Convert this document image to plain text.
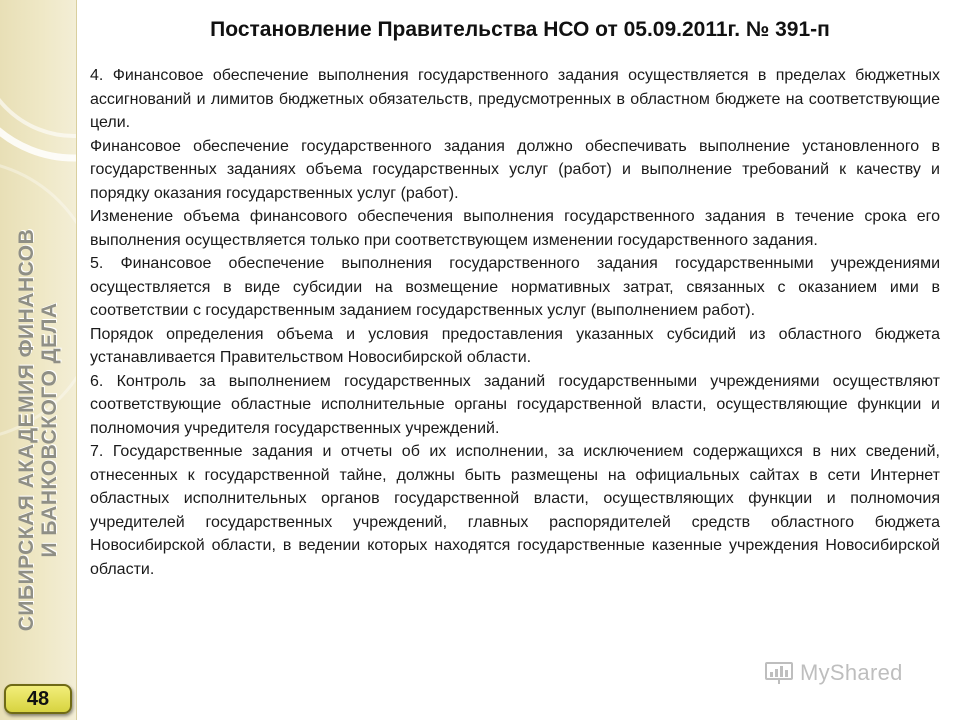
СИБИРСКАЯ АКАДЕМИЯ ФИНАНСОВ И БАНКОВСКОГО ДЕЛА
48
Постановление Правительства НСО от 05.09.2011г. № 391-п

4. Финансовое обеспечение выполнения государственного задания осуществляется в пределах бюджетных ассигнований и лимитов бюджетных обязательств, предусмотренных в областном бюджете на соответствующие цели.

Финансовое обеспечение государственного задания должно обеспечивать выполнение установленного в государственных заданиях объема государственных услуг (работ) и выполнение требований к качеству и порядку оказания государственных услуг (работ).

Изменение объема финансового обеспечения выполнения государственного задания в течение срока его выполнения осуществляется только при соответствующем изменении государственного задания.

5. Финансовое обеспечение выполнения государственного задания государственными учреждениями осуществляется в виде субсидии на возмещение нормативных затрат, связанных с оказанием ими в соответствии с государственным заданием государственных услуг (выполнением работ).

Порядок определения объема и условия предоставления указанных субсидий из областного бюджета устанавливается Правительством Новосибирской области.

6. Контроль за выполнением государственных заданий государственными учреждениями осуществляют соответствующие областные исполнительные органы государственной власти, осуществляющие функции и полномочия учредителя государственных учреждений.

7. Государственные задания и отчеты об их исполнении, за исключением содержащихся в них сведений, отнесенных к государственной тайне, должны быть размещены на официальных сайтах в сети Интернет областных исполнительных органов государственной власти, осуществляющих функции и полномочия учредителей государственных учреждений, главных распорядителей средств областного бюджета Новосибирской области, в ведении которых находятся государственные казенные учреждения Новосибирской области.

MyShared
